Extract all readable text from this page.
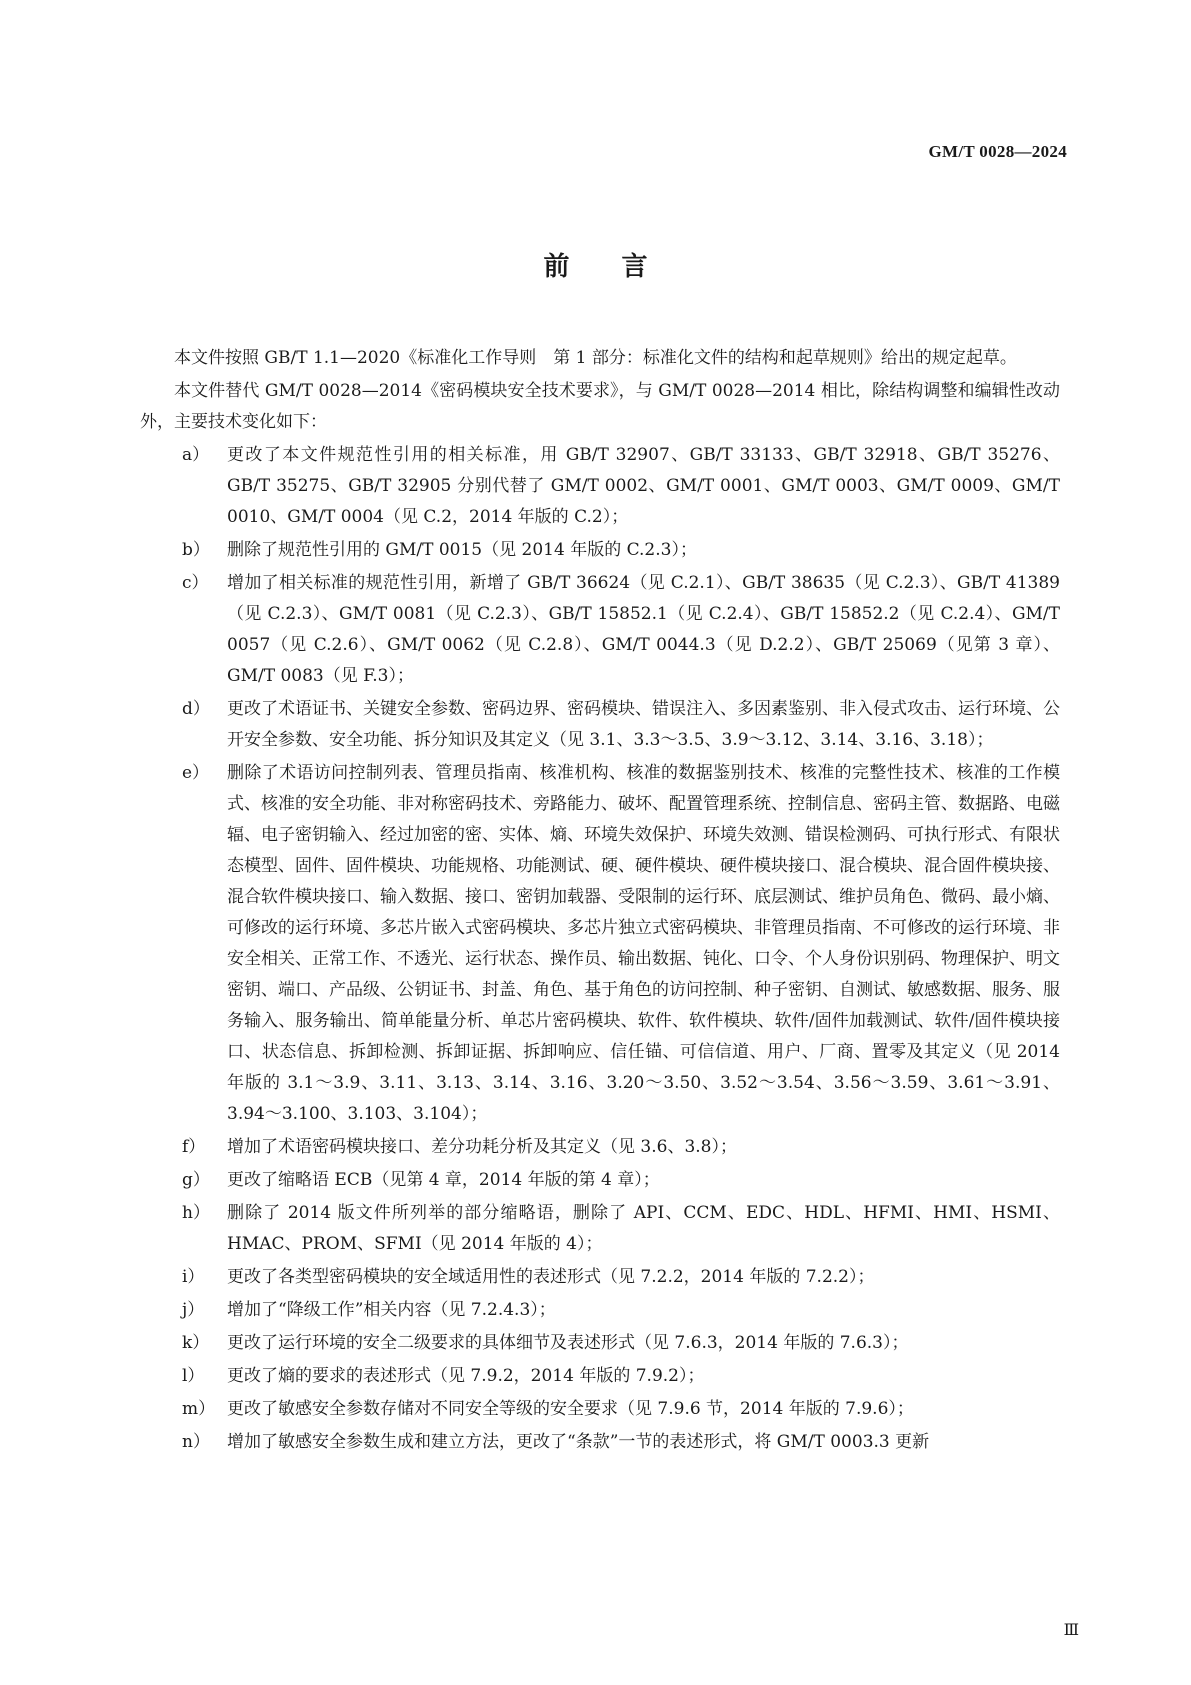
GM/T 0028—2024
前言

本文件按照 GB/T 1.1—2020《标准化工作导则　第 1 部分：标准化文件的结构和起草规则》给出的规定起草。

本文件替代 GM/T 0028—2014《密码模块安全技术要求》，与 GM/T 0028—2014 相比，除结构调整和编辑性改动外，主要技术变化如下：

a） 更改了本文件规范性引用的相关标准，用 GB/T 32907、GB/T 33133、GB/T 32918、GB/T 35276、GB/T 35275、GB/T 32905 分别代替了 GM/T 0002、GM/T 0001、GM/T 0003、GM/T 0009、GM/T 0010、GM/T 0004（见 C.2，2014 年版的 C.2）；
b） 删除了规范性引用的 GM/T 0015（见 2014 年版的 C.2.3）；
c） 增加了相关标准的规范性引用，新增了 GB/T 36624（见 C.2.1）、GB/T 38635（见 C.2.3）、GB/T 41389（见 C.2.3）、GM/T 0081（见 C.2.3）、GB/T 15852.1（见 C.2.4）、GB/T 15852.2（见 C.2.4）、GM/T 0057（见 C.2.6）、GM/T 0062（见 C.2.8）、GM/T 0044.3（见 D.2.2）、GB/T 25069（见第 3 章）、GM/T 0083（见 F.3）；
d） 更改了术语证书、关键安全参数、密码边界、密码模块、错误注入、多因素鉴别、非入侵式攻击、运行环境、公开安全参数、安全功能、拆分知识及其定义（见 3.1、3.3～3.5、3.9～3.12、3.14、3.16、3.18）；
e） 删除了术语访问控制列表、管理员指南、核准机构、核准的数据鉴别技术、核准的完整性技术、核准的工作模式、核准的安全功能、非对称密码技术、旁路能力、破坏、配置管理系统、控制信息、密码主管、数据路、电磁辐、电子密钥输入、经过加密的密、实体、熵、环境失效保护、环境失效测、错误检测码、可执行形式、有限状态模型、固件、固件模块、功能规格、功能测试、硬、硬件模块、硬件模块接口、混合模块、混合固件模块接、混合软件模块接口、输入数据、接口、密钥加载器、受限制的运行环、底层测试、维护员角色、微码、最小熵、可修改的运行环境、多芯片嵌入式密码模块、多芯片独立式密码模块、非管理员指南、不可修改的运行环境、非安全相关、正常工作、不透光、运行状态、操作员、输出数据、钝化、口令、个人身份识别码、物理保护、明文密钥、端口、产品级、公钥证书、封盖、角色、基于角色的访问控制、种子密钥、自测试、敏感数据、服务、服务输入、服务输出、简单能量分析、单芯片密码模块、软件、软件模块、软件/固件加载测试、软件/固件模块接口、状态信息、拆卸检测、拆卸证据、拆卸响应、信任锚、可信信道、用户、厂商、置零及其定义（见 2014 年版的 3.1～3.9、3.11、3.13、3.14、3.16、3.20～3.50、3.52～3.54、3.56～3.59、3.61～3.91、3.94～3.100、3.103、3.104）；
f） 增加了术语密码模块接口、差分功耗分析及其定义（见 3.6、3.8）；
g） 更改了缩略语 ECB（见第 4 章，2014 年版的第 4 章）；
h） 删除了 2014 版文件所列举的部分缩略语，删除了 API、CCM、EDC、HDL、HFMI、HMI、HSMI、HMAC、PROM、SFMI（见 2014 年版的 4）；
i） 更改了各类型密码模块的安全域适用性的表述形式（见 7.2.2，2014 年版的 7.2.2）；
j） 增加了“降级工作”相关内容（见 7.2.4.3）；
k） 更改了运行环境的安全二级要求的具体细节及表述形式（见 7.6.3，2014 年版的 7.6.3）；
l） 更改了熵的要求的表述形式（见 7.9.2，2014 年版的 7.9.2）；
m） 更改了敏感安全参数存储对不同安全等级的安全要求（见 7.9.6 节，2014 年版的 7.9.6）；
n） 增加了敏感安全参数生成和建立方法，更改了“条款”一节的表述形式，将 GM/T 0003.3 更新
Ⅲ
